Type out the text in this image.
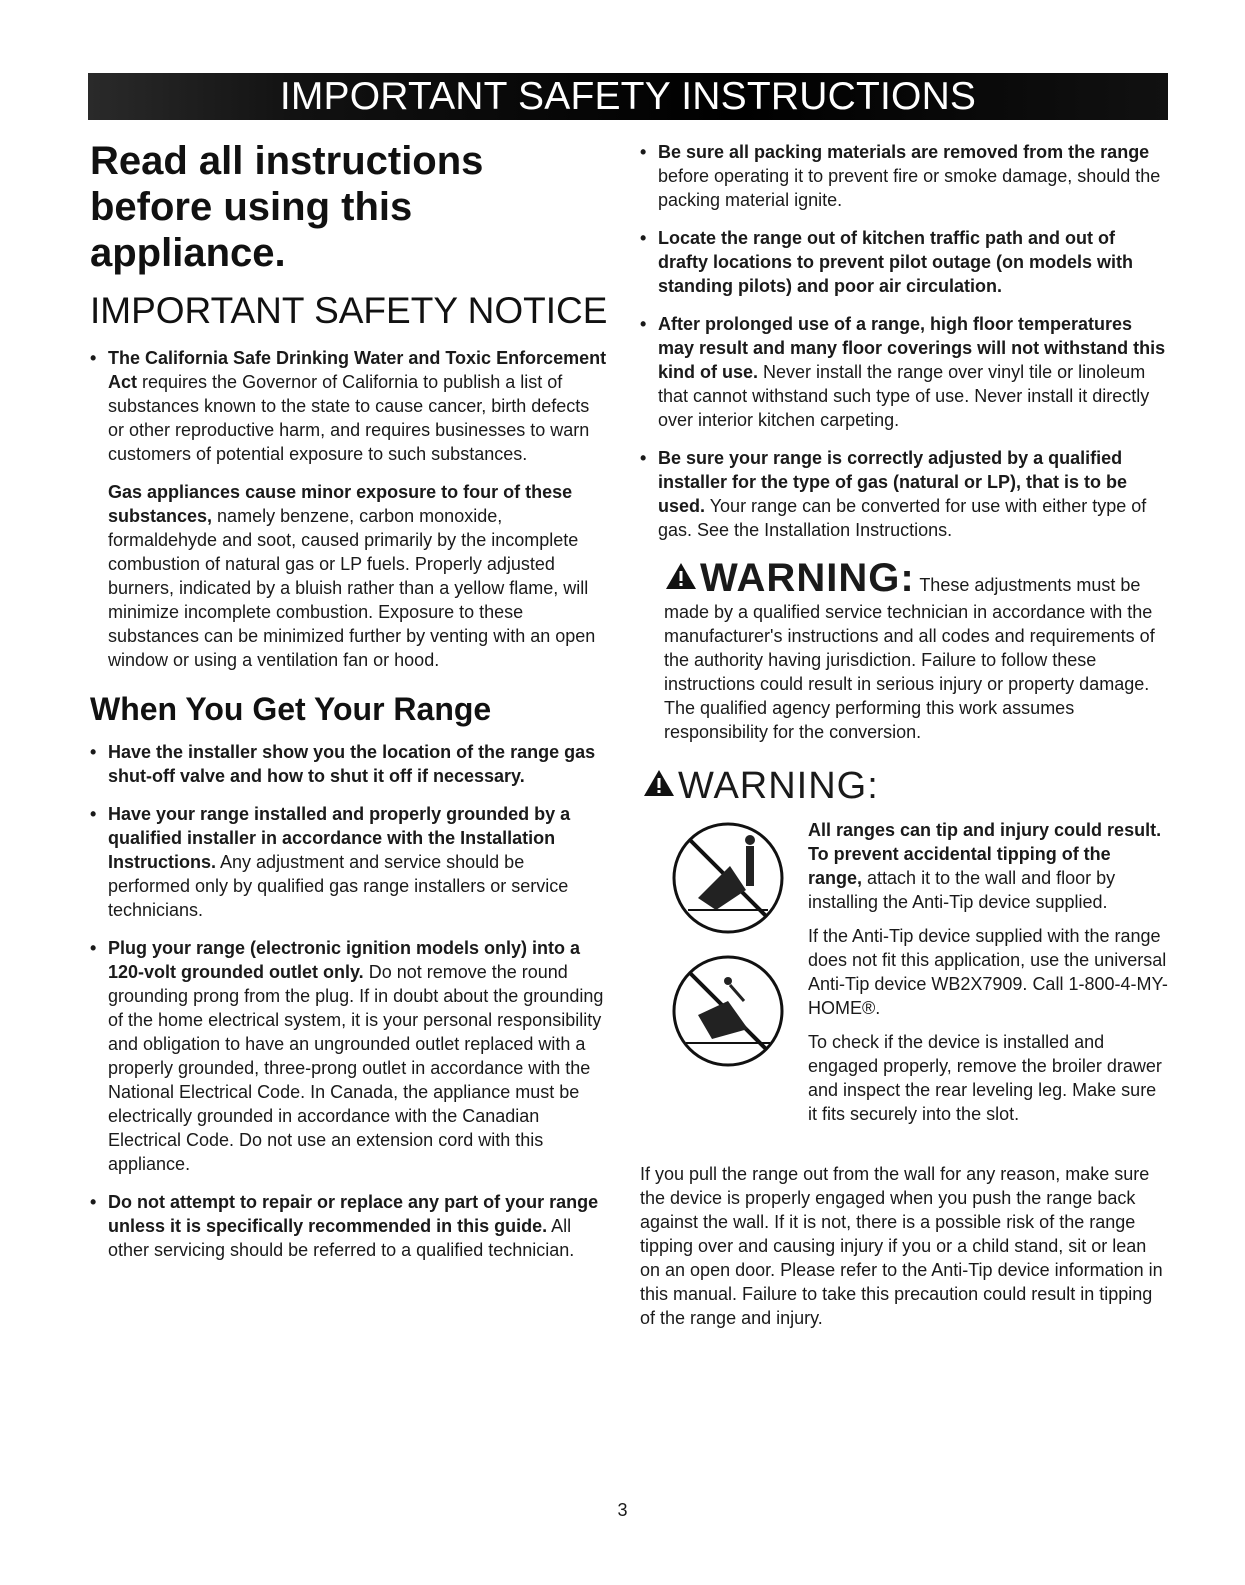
IMPORTANT SAFETY INSTRUCTIONS
Read all instructions before using this appliance.
IMPORTANT SAFETY NOTICE
• The California Safe Drinking Water and Toxic Enforcement Act requires the Governor of California to publish a list of substances known to the state to cause cancer, birth defects or other reproductive harm, and requires businesses to warn customers of potential exposure to such substances.

Gas appliances cause minor exposure to four of these substances, namely benzene, carbon monoxide, formaldehyde and soot, caused primarily by the incomplete combustion of natural gas or LP fuels. Properly adjusted burners, indicated by a bluish rather than a yellow flame, will minimize incomplete combustion. Exposure to these substances can be minimized further by venting with an open window or using a ventilation fan or hood.

When You Get Your Range
• Have the installer show you the location of the range gas shut-off valve and how to shut it off if necessary.
• Have your range installed and properly grounded by a qualified installer in accordance with the Installation Instructions. Any adjustment and service should be performed only by qualified gas range installers or service technicians.
• Plug your range (electronic ignition models only) into a 120-volt grounded outlet only. Do not remove the round grounding prong from the plug. If in doubt about the grounding of the home electrical system, it is your personal responsibility and obligation to have an ungrounded outlet replaced with a properly grounded, three-prong outlet in accordance with the National Electrical Code. In Canada, the appliance must be electrically grounded in accordance with the Canadian Electrical Code. Do not use an extension cord with this appliance.
• Do not attempt to repair or replace any part of your range unless it is specifically recommended in this guide. All other servicing should be referred to a qualified technician.
• Be sure all packing materials are removed from the range before operating it to prevent fire or smoke damage, should the packing material ignite.
• Locate the range out of kitchen traffic path and out of drafty locations to prevent pilot outage (on models with standing pilots) and poor air circulation.
• After prolonged use of a range, high floor temperatures may result and many floor coverings will not withstand this kind of use. Never install the range over vinyl tile or linoleum that cannot withstand such type of use. Never install it directly over interior kitchen carpeting.
• Be sure your range is correctly adjusted by a qualified installer for the type of gas (natural or LP), that is to be used. Your range can be converted for use with either type of gas. See the Installation Instructions.

WARNING: These adjustments must be made by a qualified service technician in accordance with the manufacturer's instructions and all codes and requirements of the authority having jurisdiction. Failure to follow these instructions could result in serious injury or property damage. The qualified agency performing this work assumes responsibility for the conversion.

WARNING:

All ranges can tip and injury could result. To prevent accidental tipping of the range, attach it to the wall and floor by installing the Anti-Tip device supplied.

If the Anti-Tip device supplied with the range does not fit this application, use the universal Anti-Tip device WB2X7909. Call 1-800-4-MY-HOME®.

To check if the device is installed and engaged properly, remove the broiler drawer and inspect the rear leveling leg. Make sure it fits securely into the slot.

If you pull the range out from the wall for any reason, make sure the device is properly engaged when you push the range back against the wall. If it is not, there is a possible risk of the range tipping over and causing injury if you or a child stand, sit or lean on an open door. Please refer to the Anti-Tip device information in this manual. Failure to take this precaution could result in tipping of the range and injury.

3
